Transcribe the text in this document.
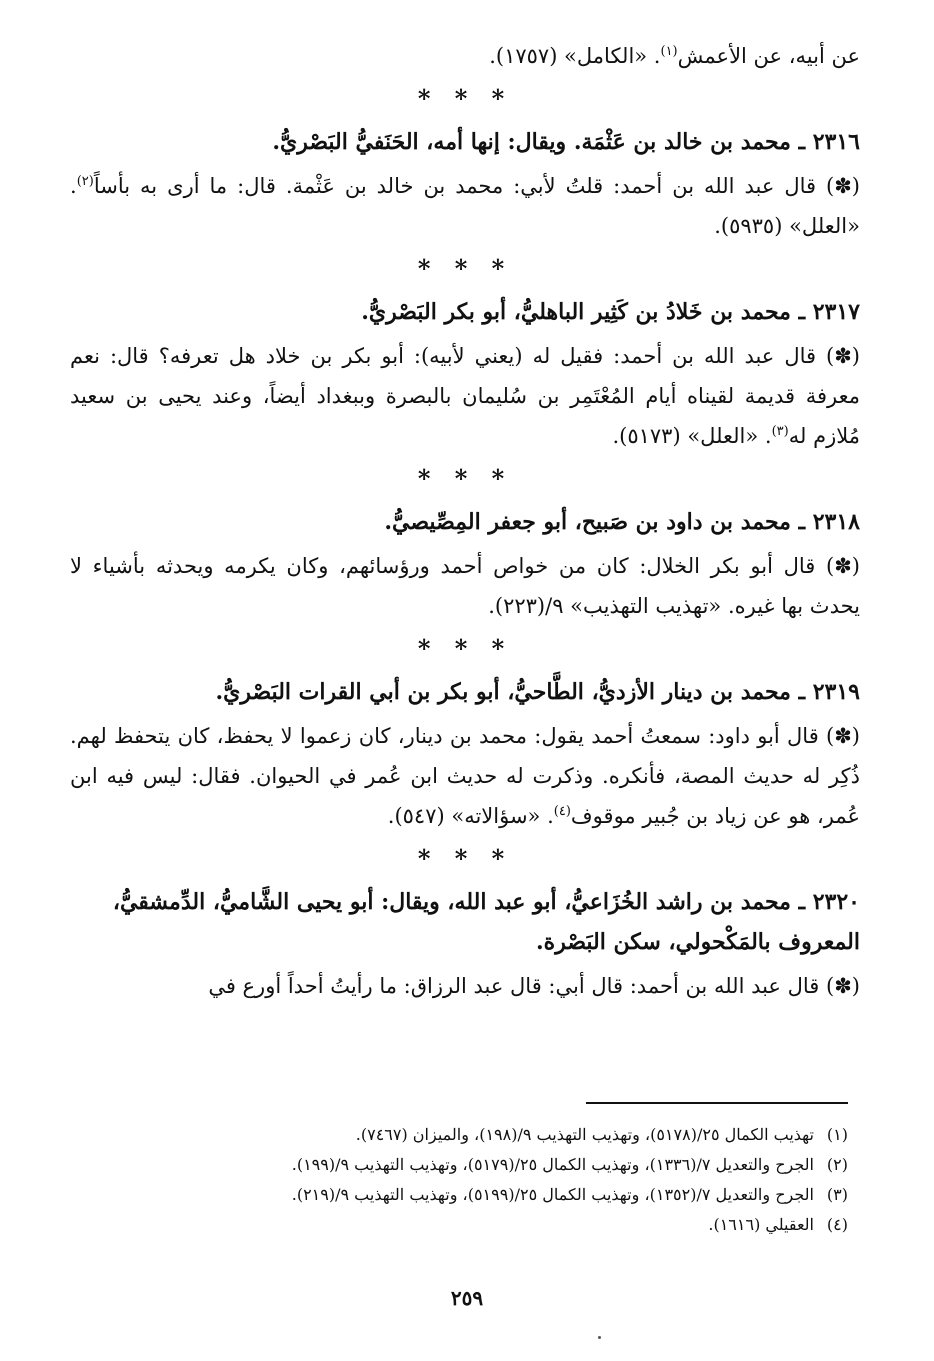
عن أبيه، عن الأعمش$^{(١)}$. «الكامل» (١٧٥٧).

* * *

٢٣١٦ ـ محمد بن خالد بن عَثْمَة. ويقال: إنها أمه، الحَنَفيُّ البَصْريُّ.

(✽) قال عبد الله بن أحمد: قلتُ لأبي: محمد بن خالد بن عَثْمة. قال: ما أرى به بأساً$^{(٢)}$. «العلل» (٥٩٣٥).

* * *

٢٣١٧ ـ محمد بن خَلادُ بن كَثِير الباهليُّ، أبو بكر البَصْريُّ.

(✽) قال عبد الله بن أحمد: فقيل له (يعني لأبيه): أبو بكر بن خلاد هل تعرفه؟ قال: نعم معرفة قديمة لقيناه أيام المُعْتَمِر بن سُليمان بالبصرة وببغداد أيضاً، وعند يحيى بن سعيد مُلازم له$^{(٣)}$. «العلل» (٥١٧٣).

* * *

٢٣١٨ ـ محمد بن داود بن صَبيح، أبو جعفر المِصِّيصيُّ.

(✽) قال أبو بكر الخلال: كان من خواص أحمد ورؤسائهم، وكان يكرمه ويحدثه بأشياء لا يحدث بها غيره. «تهذيب التهذيب» ٩/(٢٢٣).

* * *

٢٣١٩ ـ محمد بن دينار الأزديُّ، الطَّاحيُّ، أبو بكر بن أبي القرات البَصْريُّ.

(✽) قال أبو داود: سمعتُ أحمد يقول: محمد بن دينار، كان زعموا لا يحفظ، كان يتحفظ لهم. ذُكِر له حديث المصة، فأنكره. وذكرت له حديث ابن عُمر في الحيوان. فقال: ليس فيه ابن عُمر، هو عن زياد بن جُبير موقوف$^{(٤)}$. «سؤالاته» (٥٤٧).

* * *

٢٣٢٠ ـ محمد بن راشد الخُزَاعيُّ، أبو عبد الله، ويقال: أبو يحيى الشَّاميُّ، الدِّمشقيُّ، المعروف بالمَكْحولي، سكن البَصْرة.

(✽) قال عبد الله بن أحمد: قال أبي: قال عبد الرزاق: ما رأيتُ أحداً أورع في

(١)تهذيب الكمال ٢٥/(٥١٧٨)، وتهذيب التهذيب ٩/(١٩٨)، والميزان (٧٤٦٧).
(٢)الجرح والتعديل ٧/(١٣٣٦)، وتهذيب الكمال ٢٥/(٥١٧٩)، وتهذيب التهذيب ٩/(١٩٩).
(٣)الجرح والتعديل ٧/(١٣٥٢)، وتهذيب الكمال ٢٥/(٥١٩٩)، وتهذيب التهذيب ٩/(٢١٩).
(٤)العقيلي (١٦١٦).
٢٥٩
